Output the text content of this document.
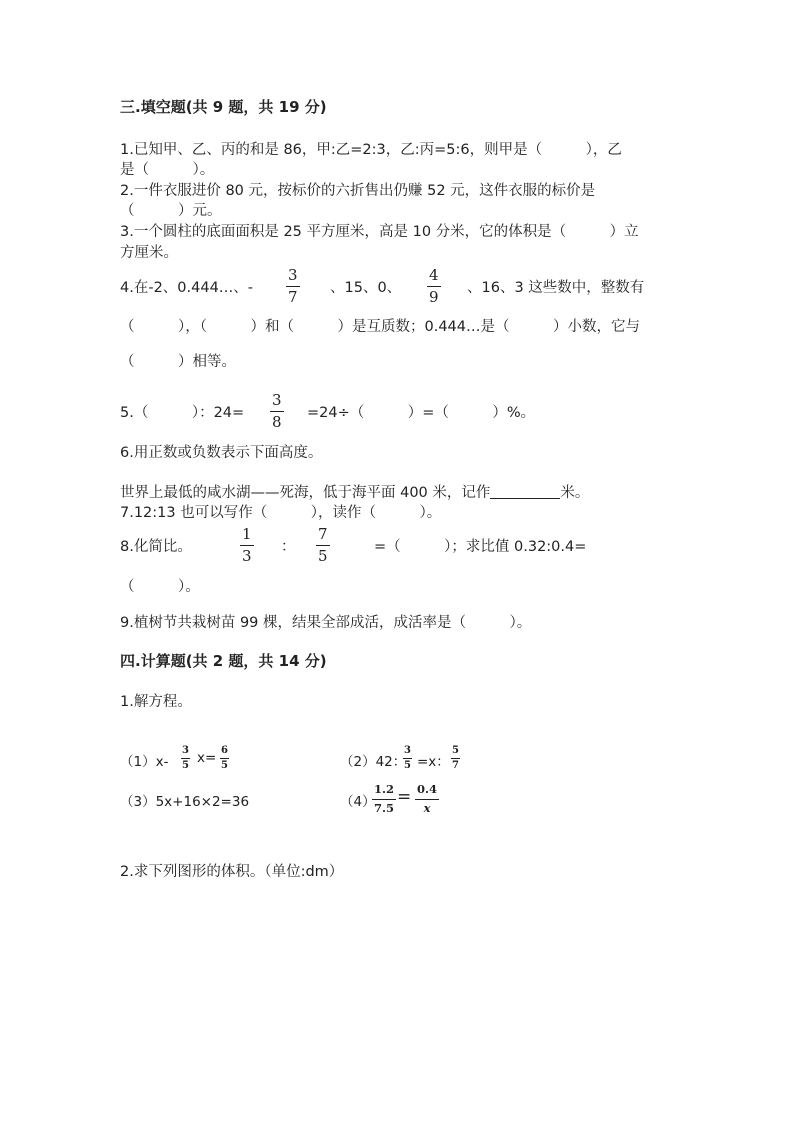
三.填空题(共 9 题，共 19 分)
1.已知甲、乙、丙的和是 86，甲:乙=2:3，乙:丙=5:6，则甲是（　　　），乙
是（　　　）。
2.一件衣服进价 80 元，按标价的六折售出仍赚 52 元，这件衣服的标价是
（　　　）元。
3.一个圆柱的底面面积是 25 平方厘米，高是 10 分米，它的体积是（　　　）立
方厘米。
4.在-2、0.444…、-
3
7 、15、0、
4
9 、16、3 这些数中，整数有
（　　　），（　　　）和（　　　）是互质数；0.444…是（　　　）小数，它与
（　　　）相等。
5.（　　　）：24=
3
8 =24÷（　　　）=（　　　）%。
6.用正数或负数表示下面高度。
世界上最低的咸水湖——死海，低于海平面 400 米，记作	米。
7.12:13 也可以写作（　　　），读作（　　　）。
8.化简比。
1
3 ：
7
5	=（　　　）；求比值 0.32:0.4=
（　　　）。
9.植树节共栽树苗 99 棵，结果全部成活，成活率是（　　　）。
四.计算题(共 2 题，共 14 分)
1.解方程。
（1）x-
3
5 x= 6
5	（2）42：
3
5 =x：
5
7
（3）5x+16×2=36	（4）
1.2
7.5
= 0.4
x
2.求下列图形的体积。（单位:dm）
